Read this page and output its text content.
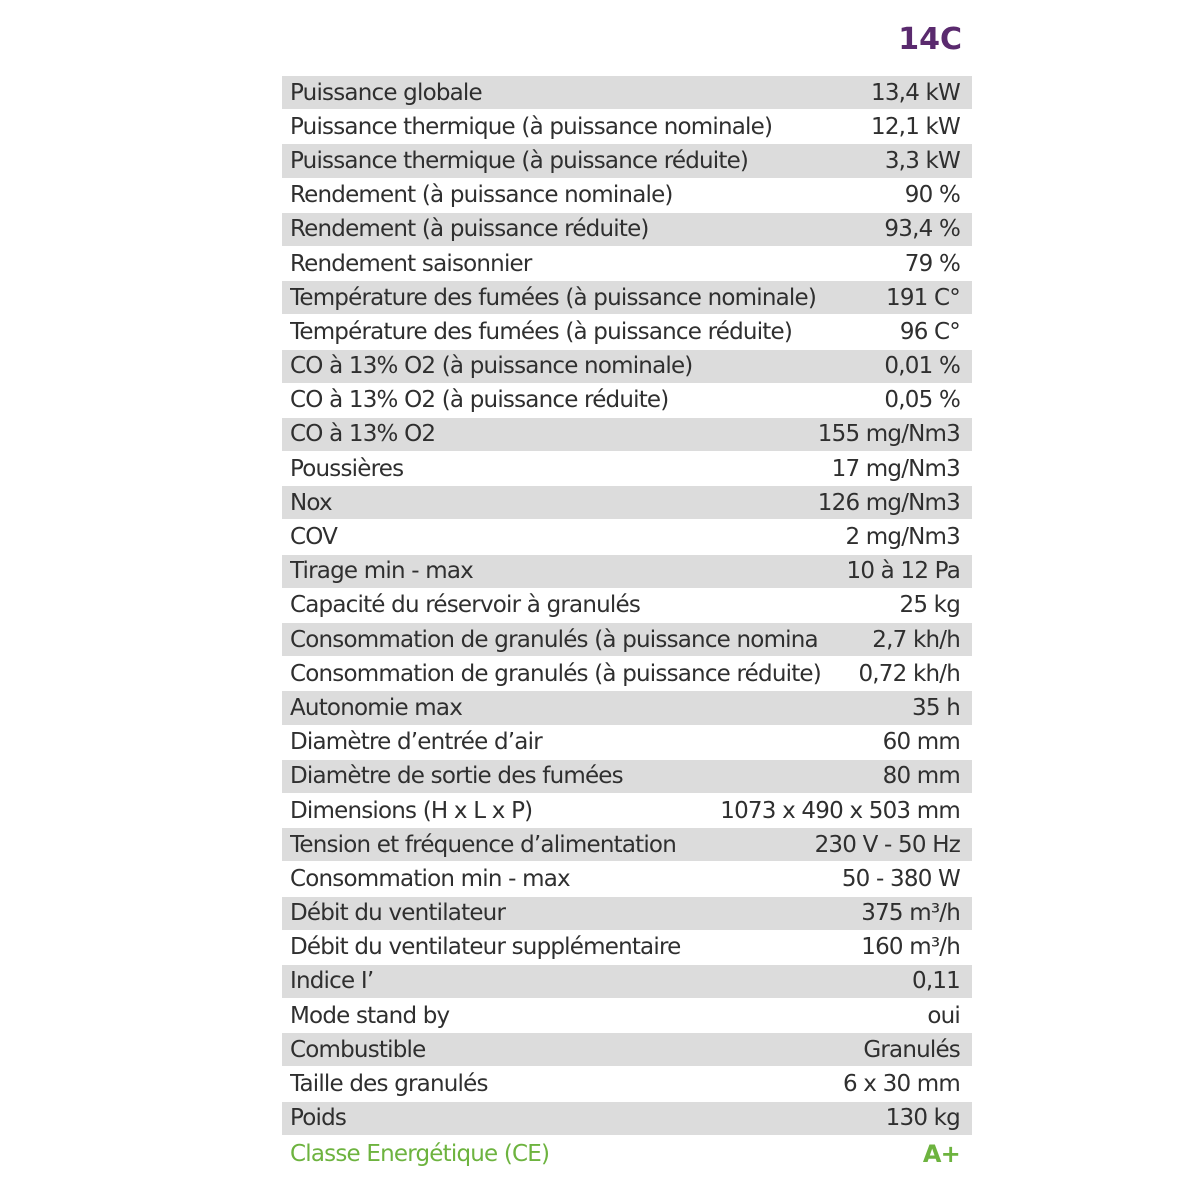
14C
Puissance globale	13,4 kW
Puissance thermique (à puissance nominale)	12,1 kW
Puissance thermique (à puissance réduite)	3,3 kW
Rendement (à puissance nominale)	90 %
Rendement (à puissance réduite)	93,4 %
Rendement saisonnier	79 %
Température des fumées (à puissance nominale)	191 C°
Température des fumées (à puissance réduite)	96 C°
CO à 13% O2 (à puissance nominale)	0,01 %
CO à 13% O2 (à puissance réduite)	0,05 %
CO à 13% O2	155 mg/Nm3
Poussières	17 mg/Nm3
Nox	126 mg/Nm3
COV	2 mg/Nm3
Tirage min - max	10 à 12 Pa
Capacité du réservoir à granulés	25 kg
Consommation de granulés (à puissance nomina	2,7 kh/h
Consommation de granulés (à puissance réduite)	0,72 kh/h
Autonomie max	35 h
Diamètre d’entrée d’air	60 mm
Diamètre de sortie des fumées	80 mm
Dimensions (H x L x P)	1073 x 490 x 503 mm
Tension et fréquence d’alimentation	230 V - 50 Hz
Consommation min - max	50 - 380 W
Débit du ventilateur	375 m³/h
Débit du ventilateur supplémentaire	160 m³/h
Indice I’	0,11
Mode stand by	oui
Combustible	Granulés
Taille des granulés	6 x 30 mm
Poids	130 kg
Classe Energétique (CE)	A+
